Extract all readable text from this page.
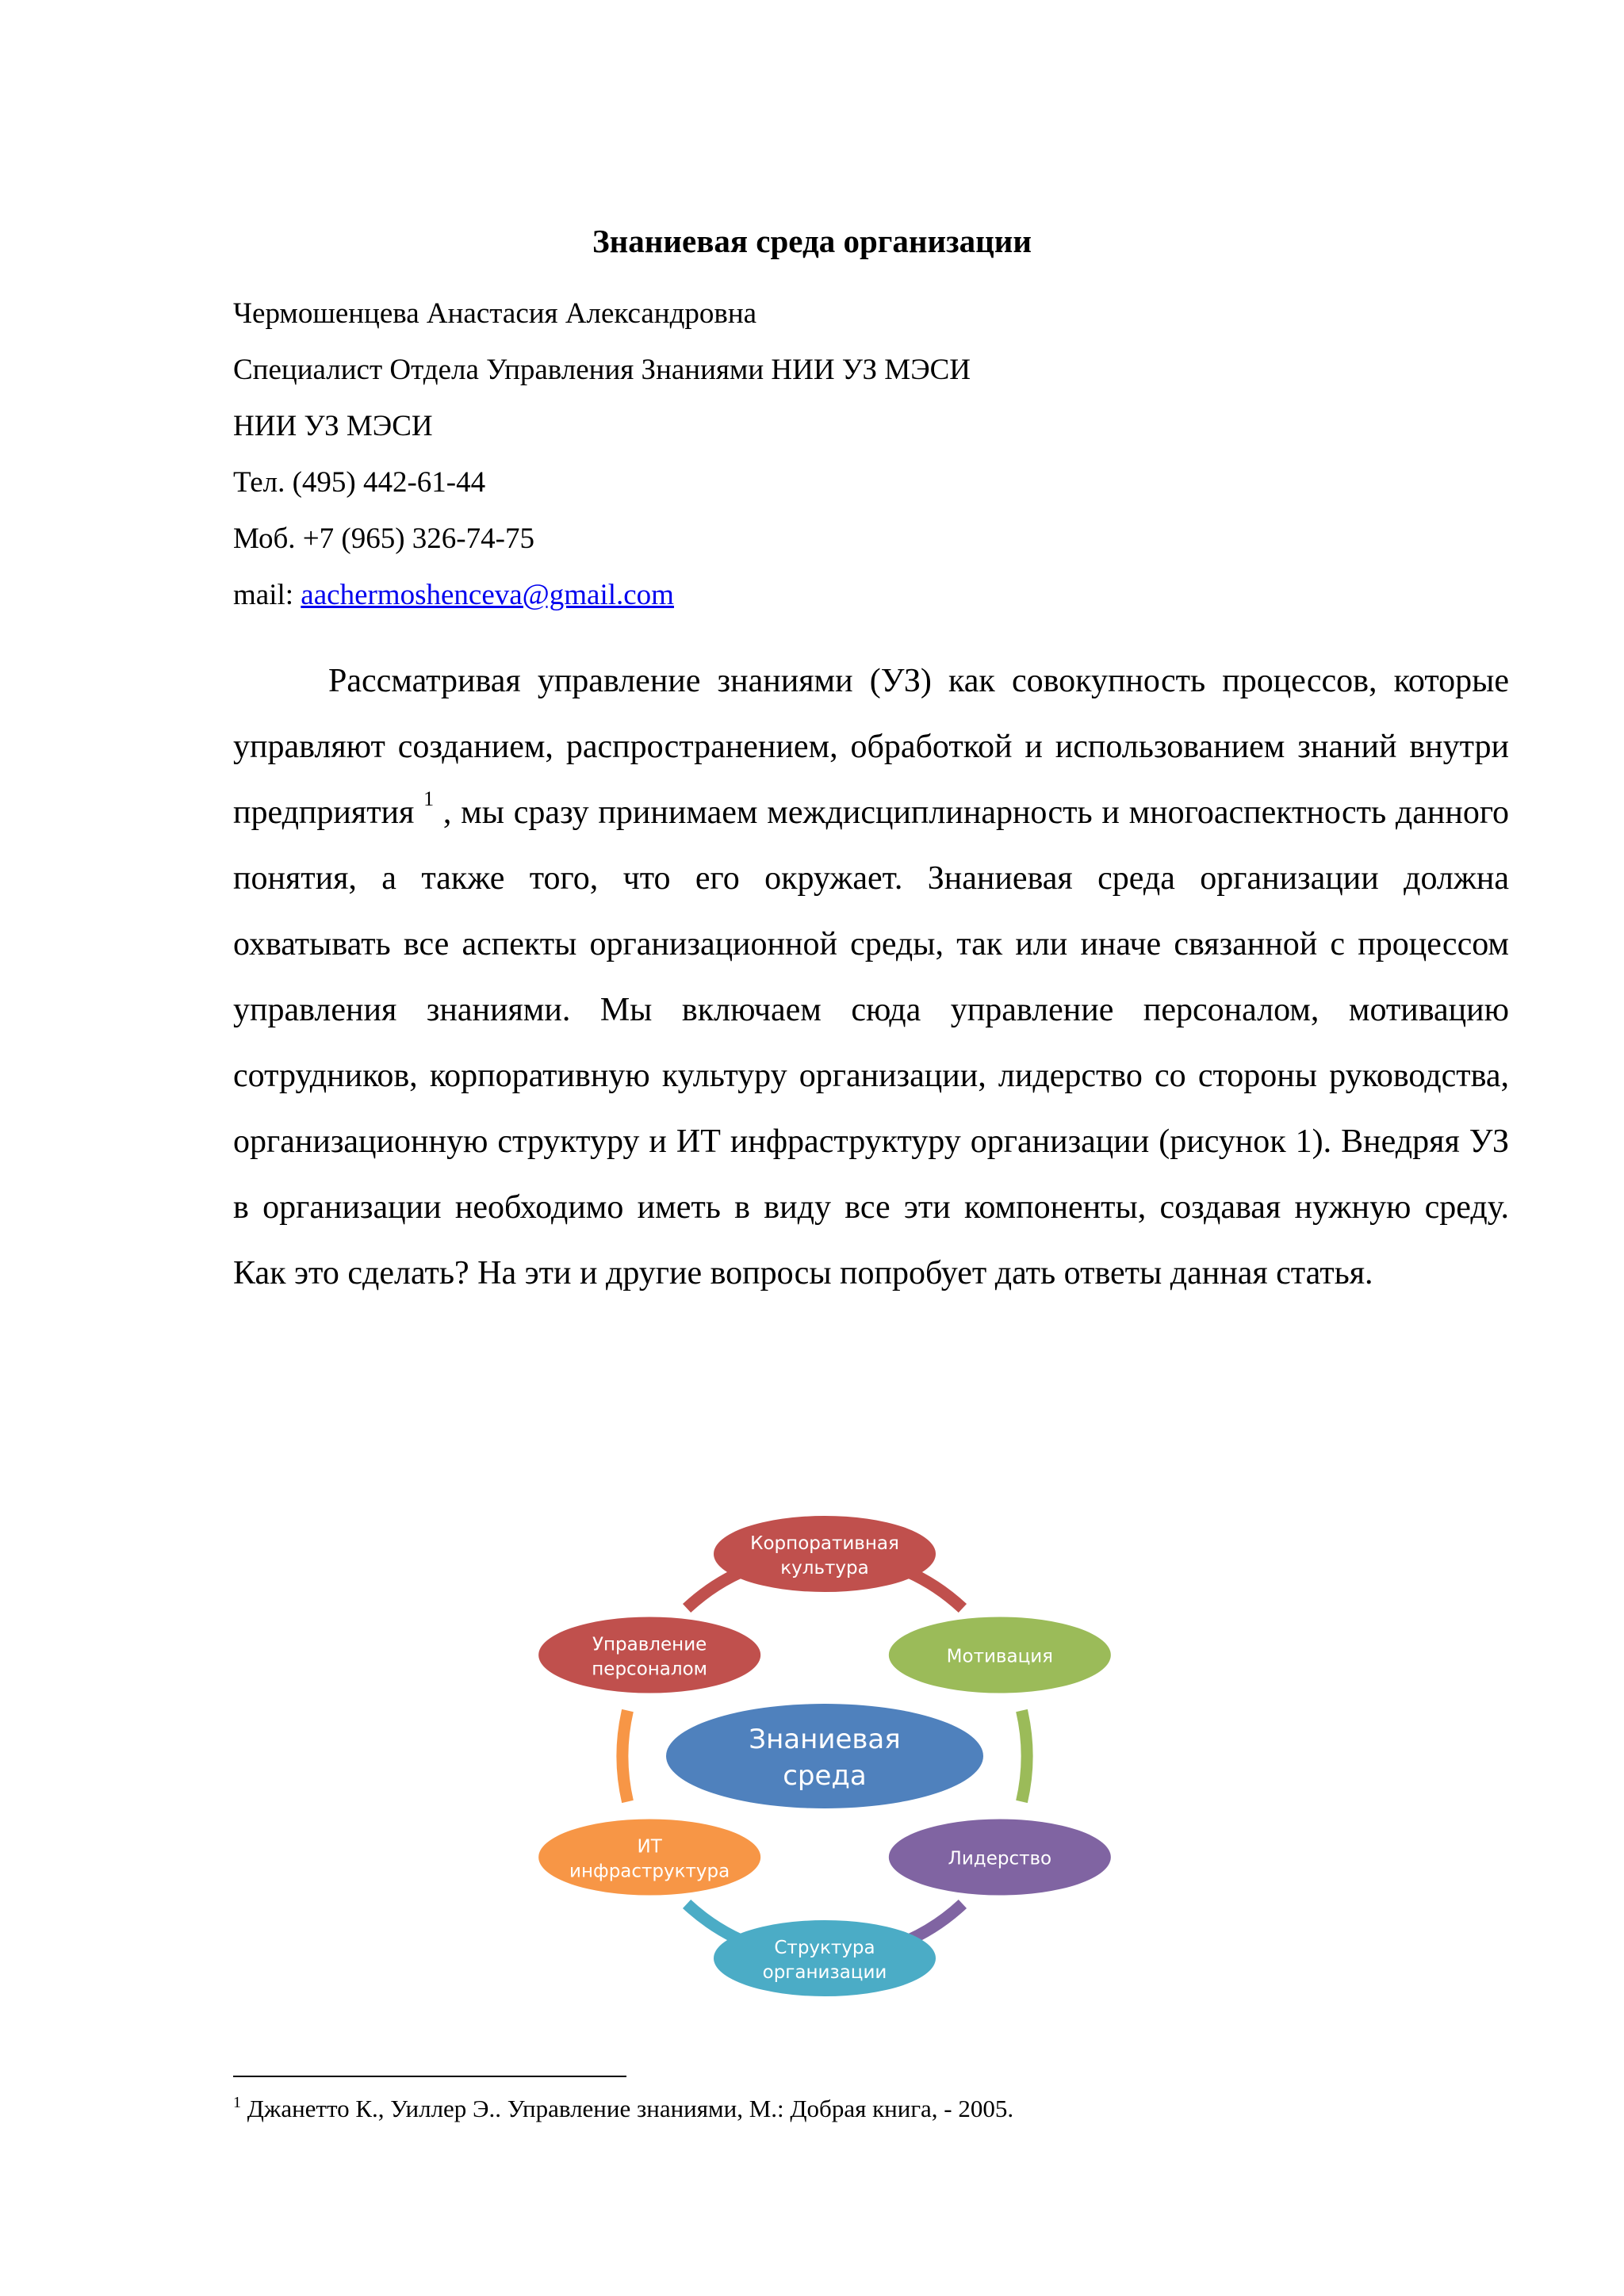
Знаниевая среда организации
Чермошенцева Анастасия Александровна
Специалист Отдела Управления Знаниями НИИ УЗ МЭСИ
НИИ УЗ МЭСИ
Тел. (495) 442-61-44
Моб. +7 (965) 326-74-75
mail: aachermoshenceva@gmail.com

Рассматривая управление знаниями (УЗ) как совокупность процессов, которые управляют созданием, распространением, обработкой и использованием знаний внутри предприятия $^1$ , мы сразу принимаем междисциплинарность и многоаспектность данного понятия, а также того, что его окружает. Знаниевая среда организации должна охватывать все аспекты организационной среды, так или иначе связанной с процессом управления знаниями. Мы включаем сюда управление персоналом, мотивацию сотрудников, корпоративную культуру организации, лидерство со стороны руководства, организационную структуру и ИТ инфраструктуру организации (рисунок 1). Внедряя УЗ в организации необходимо иметь в виду все эти компоненты, создавая нужную среду. Как это сделать? На эти и другие вопросы попробует дать ответы данная статья.

Знаниевая
среда
Корпоративная
культура
Мотивация
Лидерство
Структура
организации
ИТ
инфраструктура
Управление
персоналом
$^1$ Джанетто К., Уиллер Э.. Управление знаниями, М.: Добрая книга, - 2005.
